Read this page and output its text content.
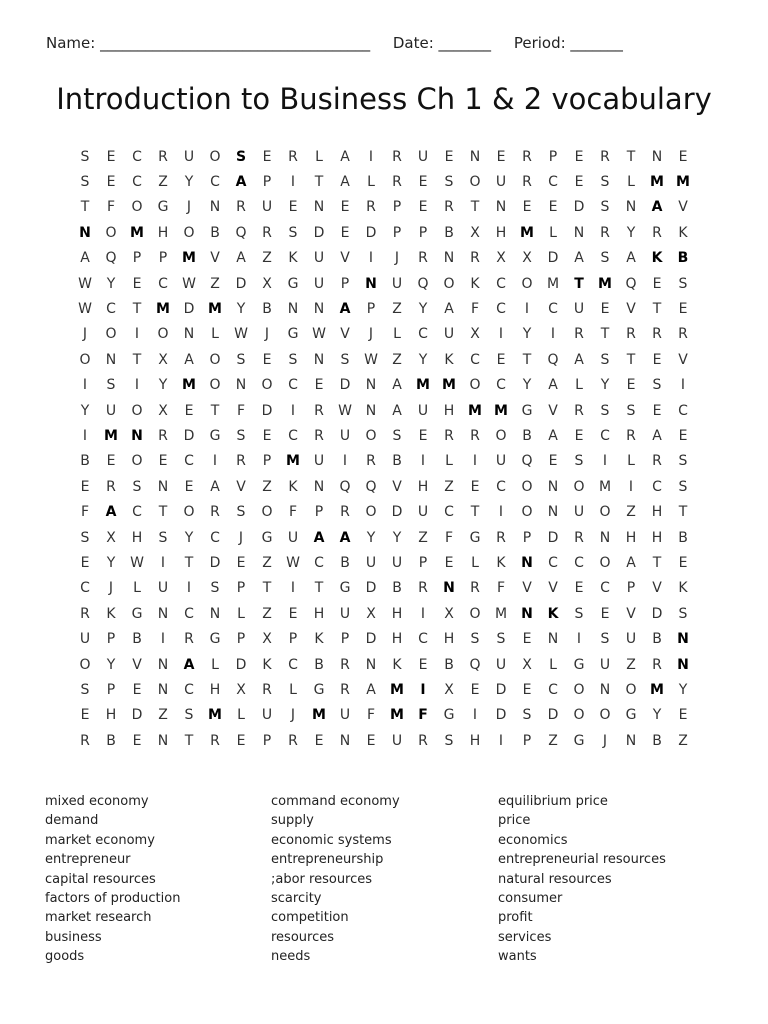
Name: ____________________________________ Date: _______ Period: _______
Introduction to Business Ch 1 & 2 vocabulary
S	E	C	R	U	O	S	E	R	L	A	I	R	U	E	N	E	R	P	E	R	T	N	E
S	E	C	Z	Y	C	A	P	I	T	A	L	R	E	S	O	U	R	C	E	S	L	M M
T	F	O	G	J	N	R	U	E	N	E	R	P	E	R	T	N	E	E	D	S	N	A	V
N	O M H	O	B	Q	R	S	D	E	D	P	P	B	X	H M	L	N	R	Y	R	K
A	Q	P	P	M	V	A	Z	K	U	V	I	J	R	N	R	X	X	D	A	S	A	K	B
W	Y	E	C	W	Z	D	X	G	U	P	N	U	Q	O	K	C	O	M	T	M Q	E	S
W	C	T	M D M	Y	B	N	N	A	P	Z	Y	A	F	C	I	C	U	E	V	T	E
J	O	I	O	N	L	W	J	G W	V	J	L	C	U	X	I	Y	I	R	T	R	R	R
O	N	T	X	A	O	S	E	S	N	S	W	Z	Y	K	C	E	T	Q	A	S	T	E	V
I	S	I	Y	M O	N	O	C	E	D	N	A	M M O	C	Y	A	L	Y	E	S	I
Y	U	O	X	E	T	F	D	I	R	W N	A	U	H M M G	V	R	S	S	E	C
I	M N	R	D	G	S	E	C	R	U	O	S	E	R	R	O	B	A	E	C	R	A	E
B	E	O	E	C	I	R	P	M U	I	R	B	I	L	I	U	Q	E	S	I	L	R	S
E	R	S	N	E	A	V	Z	K	N	Q	Q	V	H	Z	E	C	O	N	O	M	I	C	S
F	A	C	T	O	R	S	O	F	P	R	O	D	U	C	T	I	O	N	U	O	Z	H	T
S	X	H	S	Y	C	J	G	U	A	A	Y	Y	Z	F	G	R	P	D	R	N	H	H	B
E	Y	W	I	T	D	E	Z	W	C	B	U	U	P	E	L	K	N	C	C	O	A	T	E
C	J	L	U	I	S	P	T	I	T	G	D	B	R	N	R	F	V	V	E	C	P	V	K
R	K	G	N	C	N	L	Z	E	H	U	X	H	I	X	O	M	N	K	S	E	V	D	S
U	P	B	I	R	G	P	X	P	K	P	D	H	C	H	S	S	E	N	I	S	U	B	N
O	Y	V	N	A	L	D	K	C	B	R	N	K	E	B	Q	U	X	L	G	U	Z	R	N
S	P	E	N	C	H	X	R	L	G	R	A	M	I	X	E	D	E	C	O	N	O M	Y
E	H	D	Z	S	M	L	U	J	M U	F	M	F	G	I	D	S	D	O	O	G	Y	E
R	B	E	N	T	R	E	P	R	E	N	E	U	R	S	H	I	P	Z	G	J	N	B	Z
mixed economy	command economy	equilibrium price
demand	supply	price
market economy	economic systems	economics
entrepreneur	entrepreneurship	entrepreneurial resources
capital resources	;abor resources	natural resources
factors of production	scarcity	consumer
market research	competition	profit
business	resources	services
goods	needs	wants
